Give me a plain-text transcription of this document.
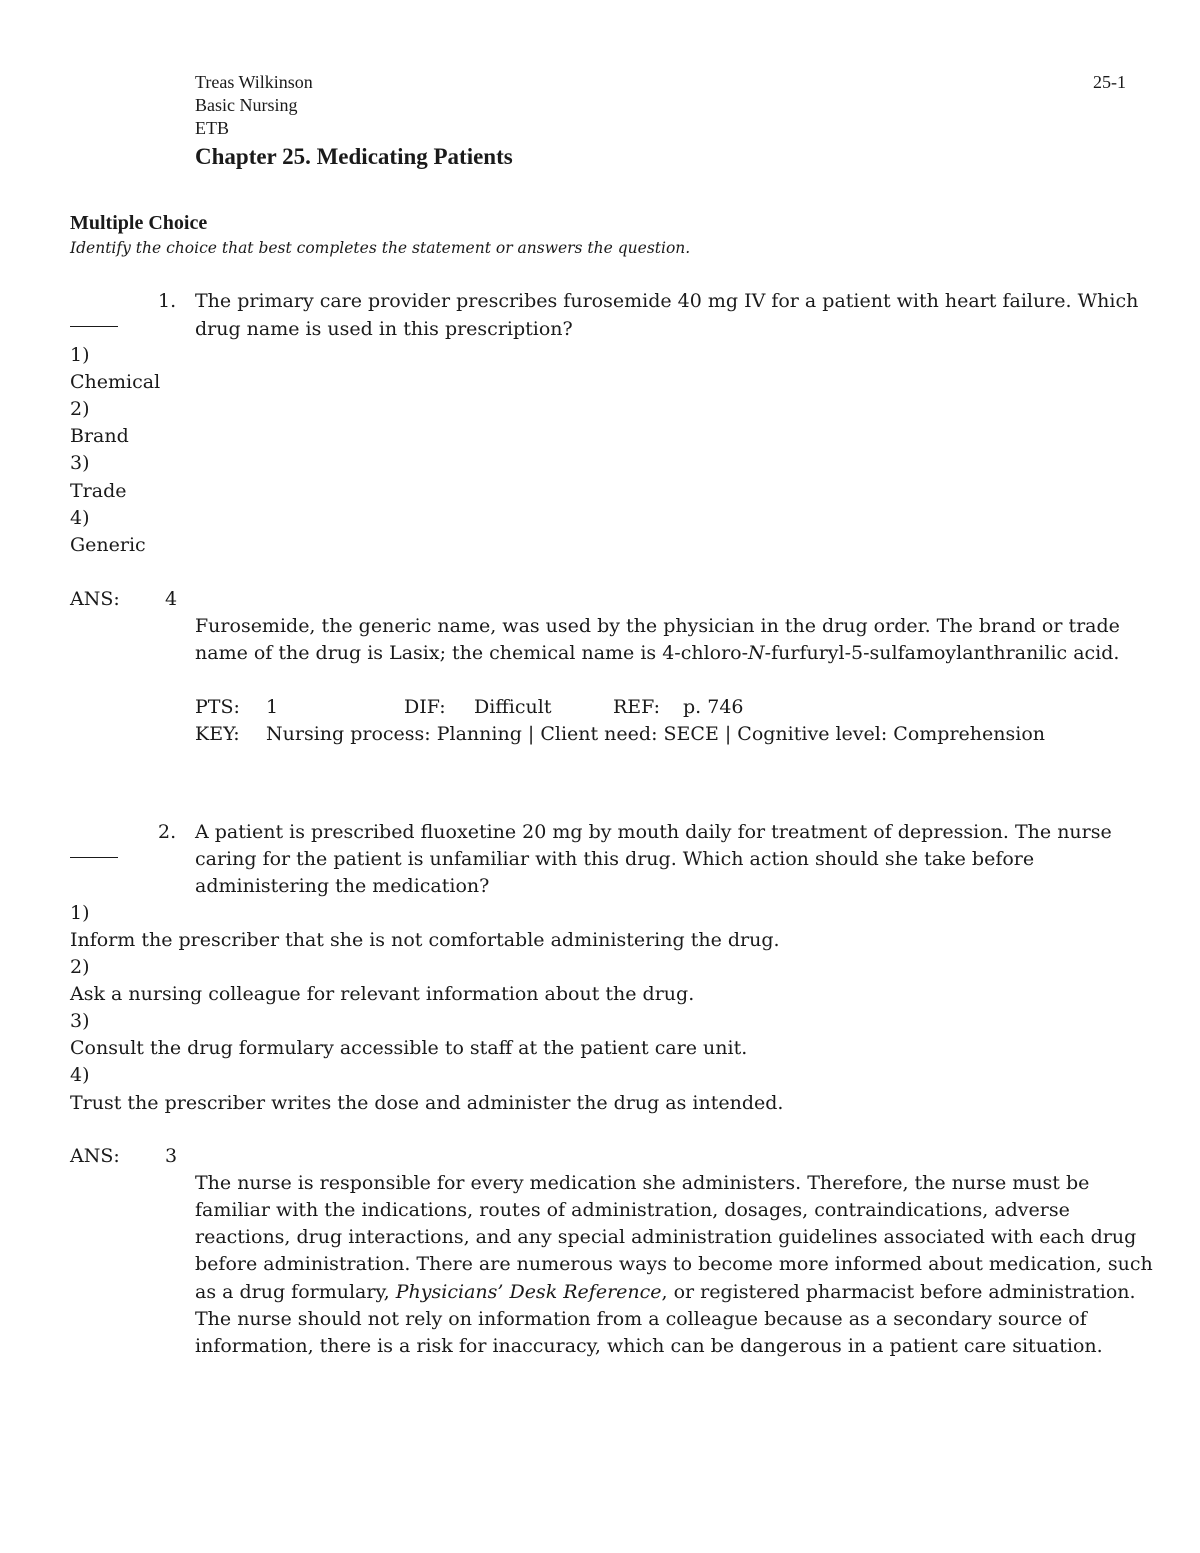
Treas Wilkinson	25-1
Basic Nursing
ETB
Chapter 25. Medicating Patients
Multiple Choice
Identify the choice that best completes the statement or answers the question.
1. The primary care provider prescribes furosemide 40 mg IV for a patient with heart failure. Which
drug name is used in this prescription?
1)
Chemical
2)
Brand
3)
Trade
4)
Generic
ANS: 4
Furosemide, the generic name, was used by the physician in the drug order. The brand or trade
name of the drug is Lasix; the chemical name is 4-chloro-N-furfuryl-5-sulfamoylanthranilic acid.
PTS: 1	DIF: Difficult	REF: p. 746
KEY: Nursing process: Planning | Client need: SECE | Cognitive level: Comprehension
2. A patient is prescribed fluoxetine 20 mg by mouth daily for treatment of depression. The nurse
caring for the patient is unfamiliar with this drug. Which action should she take before
administering the medication?
1)
Inform the prescriber that she is not comfortable administering the drug.
2)
Ask a nursing colleague for relevant information about the drug.
3)
Consult the drug formulary accessible to staff at the patient care unit.
4)
Trust the prescriber writes the dose and administer the drug as intended.
ANS: 3
The nurse is responsible for every medication she administers. Therefore, the nurse must be
familiar with the indications, routes of administration, dosages, contraindications, adverse
reactions, drug interactions, and any special administration guidelines associated with each drug
before administration. There are numerous ways to become more informed about medication, such
as a drug formulary, Physicians’ Desk Reference, or registered pharmacist before administration.
The nurse should not rely on information from a colleague because as a secondary source of
information, there is a risk for inaccuracy, which can be dangerous in a patient care situation.
